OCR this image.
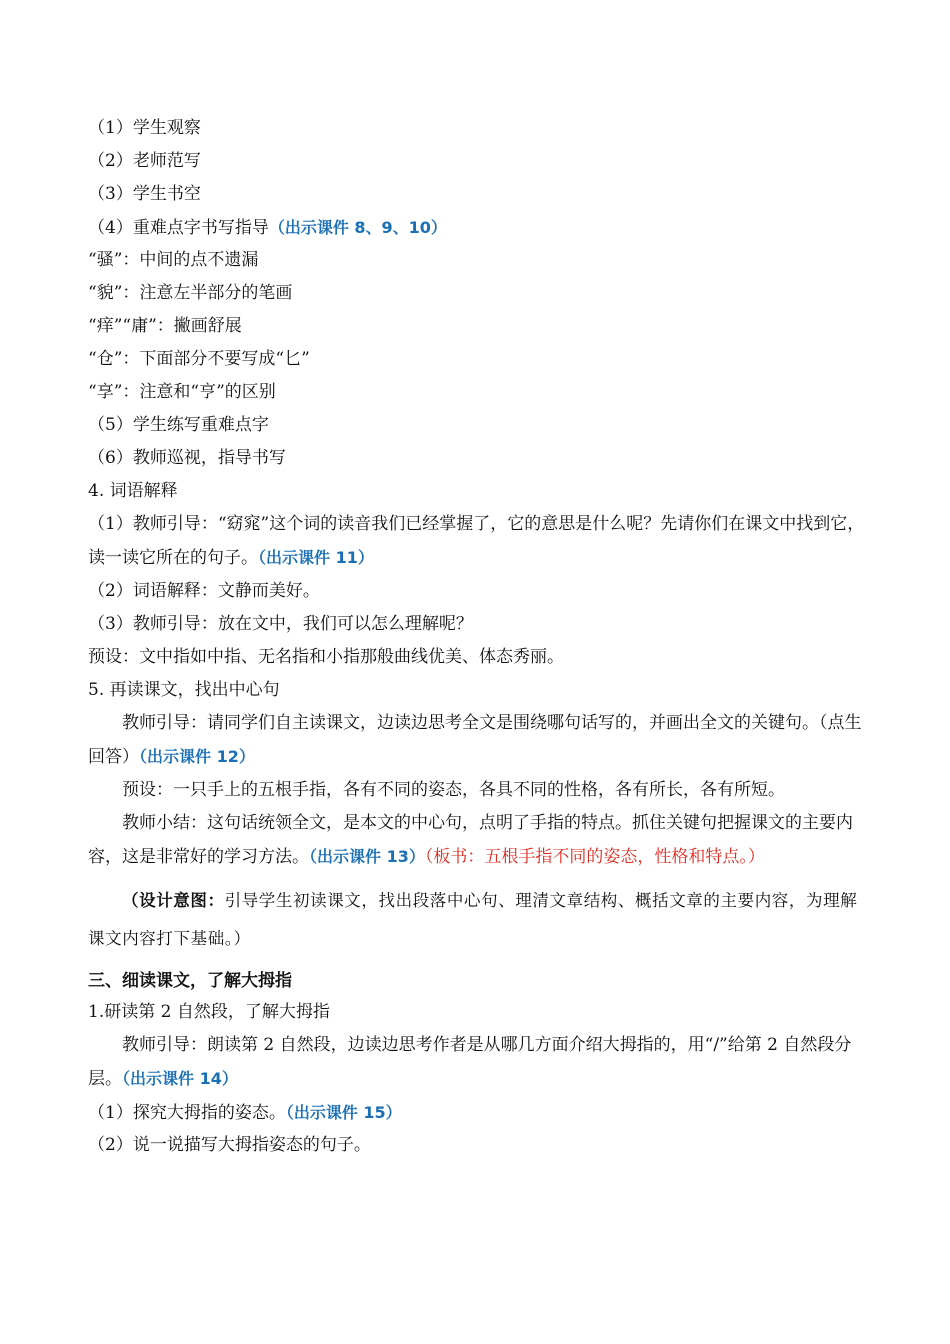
（1）学生观察
（2）老师范写
（3）学生书空
（4）重难点字书写指导（出示课件 8、9、10）
“骚”：中间的点不遗漏
“貌”：注意左半部分的笔画
“痒”“庸”：撇画舒展
“仓”：下面部分不要写成“匕”
“享”：注意和“亨”的区别
（5）学生练写重难点字
（6）教师巡视，指导书写
4. 词语解释
（1）教师引导：“窈窕”这个词的读音我们已经掌握了，它的意思是什么呢？先请你们在课文中找到它，读一读它所在的句子。（出示课件 11）
（2）词语解释：文静而美好。
（3）教师引导：放在文中，我们可以怎么理解呢？
预设：文中指如中指、无名指和小指那般曲线优美、体态秀丽。
5. 再读课文，找出中心句
教师引导：请同学们自主读课文，边读边思考全文是围绕哪句话写的，并画出全文的关键句。（点生回答）（出示课件 12）
预设：一只手上的五根手指，各有不同的姿态，各具不同的性格，各有所长，各有所短。
教师小结：这句话统领全文，是本文的中心句，点明了手指的特点。抓住关键句把握课文的主要内容，这是非常好的学习方法。（出示课件 13）（板书：五根手指不同的姿态，性格和特点。）
（设计意图：引导学生初读课文，找出段落中心句、理清文章结构、概括文章的主要内容，为理解课文内容打下基础。）
三、细读课文，了解大拇指
1.研读第 2 自然段，了解大拇指
教师引导：朗读第 2 自然段，边读边思考作者是从哪几方面介绍大拇指的，用“/”给第 2 自然段分层。（出示课件 14）
（1）探究大拇指的姿态。（出示课件 15）
（2）说一说描写大拇指姿态的句子。
